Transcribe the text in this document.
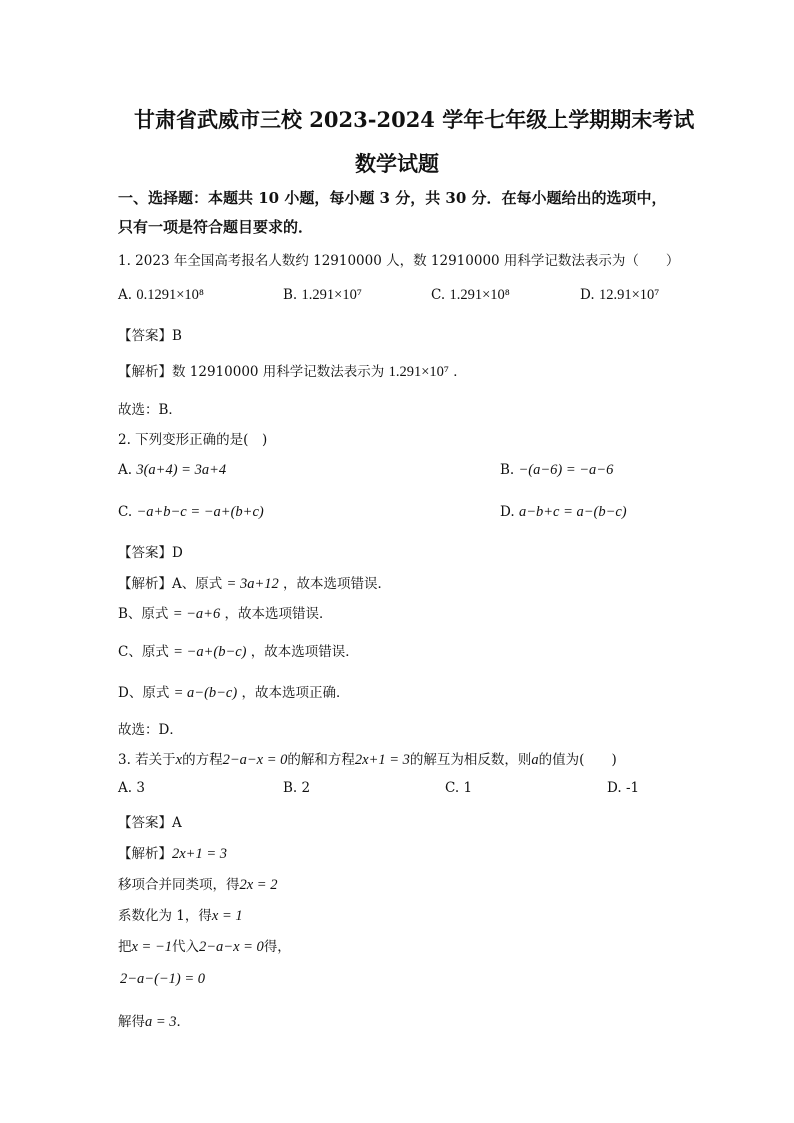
甘肃省武威市三校 2023-2024 学年七年级上学期期末考试
数学试题
一、选择题：本题共 10 小题，每小题 3 分，共 30 分．在每小题给出的选项中，
只有一项是符合题目要求的．
1. 2023 年全国高考报名人数约 12910000 人，数 12910000 用科学记数法表示为（　　）
A. 0.1291×10⁸	B. 1.291×10⁷	C. 1.291×10⁸	D. 12.91×10⁷
【答案】B
【解析】数 12910000 用科学记数法表示为 1.291×10⁷ ．
故选：B．
2. 下列变形正确的是(　)
A. 3(a+4) = 3a+4	B. −(a−6) = −a−6
C. −a+b−c = −a+(b+c)	D. a−b+c = a−(b−c)
【答案】D
【解析】A、原式 = 3a+12 ，故本选项错误．
B、原式 = −a+6 ，故本选项错误．
C、原式 = −a+(b−c) ，故本选项错误．
D、原式 = a−(b−c) ，故本选项正确．
故选：D．
3. 若关于x的方程2−a−x = 0的解和方程2x+1 = 3的解互为相反数，则a的值为(　　)
A. 3	B. 2	C. 1	D. -1
【答案】A
【解析】2x+1 = 3
移项合并同类项，得2x = 2
系数化为 1，得x = 1
把x = −1代入2−a−x = 0得，
2−a−(−1) = 0
解得a = 3．
